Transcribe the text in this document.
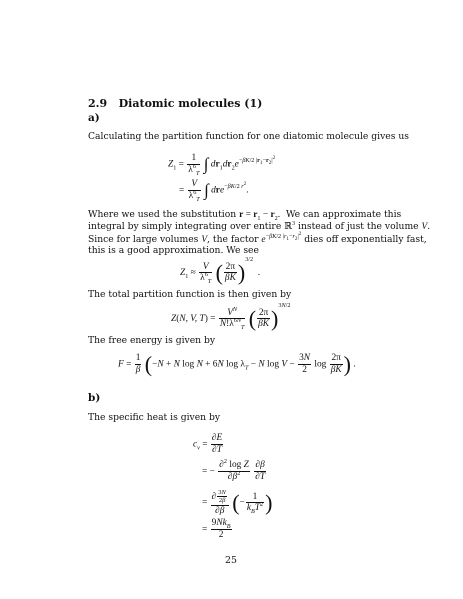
2.9 Diatomic molecules (1)
a)
Calculating the partition function for one diatomic molecule gives us
$Z_1 = \frac{1}{\lambda^6_T}$ ∫ $dr_1dr_2e^{-\beta K/2 |r_1-r_2|^2}$
= $\frac{V}{\lambda^6_T}$ ∫ dre$^{-\beta K/2 r^2}$.
Where we used the substitution $r = r_1 - r_2$. We can approximate this
integral by simply integrating over entire ℝ$^3$ instead of just the volume V.
Since for large volumes V, the factor $e^{-\beta K/2 |r_1-r_2|^2}$ dies off exponentially fast,
this is a good approximation. We see
$Z_1 \approx \frac{V}{\lambda^6_T}$ ( $\frac{2\pi}{\beta K} )^{3/2}$  .
The total partition function is then given by
Z(N, V, $T) = \frac{V^N}{N!\lambda^{6N}_T}$ ( $\frac{2\pi}{\beta K} )^{3N/2}$
The free energy is given by
$F = \frac{1}{\beta} (-N + N$ log N + 6N $\log \lambda_T - N$ $\log V - \frac{3N}{2}$ $\log \frac{2\pi}{\beta K}$ ) .
b)
The specific heat is given by
$c_v = \frac{\partial E}{\partial T}$
= − $\frac{\partial^2 \log Z}{\partial\beta^2}$
$\frac{\partial\beta}{\partial T}$
= $\frac{\partial \frac{3N}{2\beta}}{\partial\beta}$ (− $\frac{1}{k_BT^2}$ )
= $\frac{9Nk_B}{2}$
25
